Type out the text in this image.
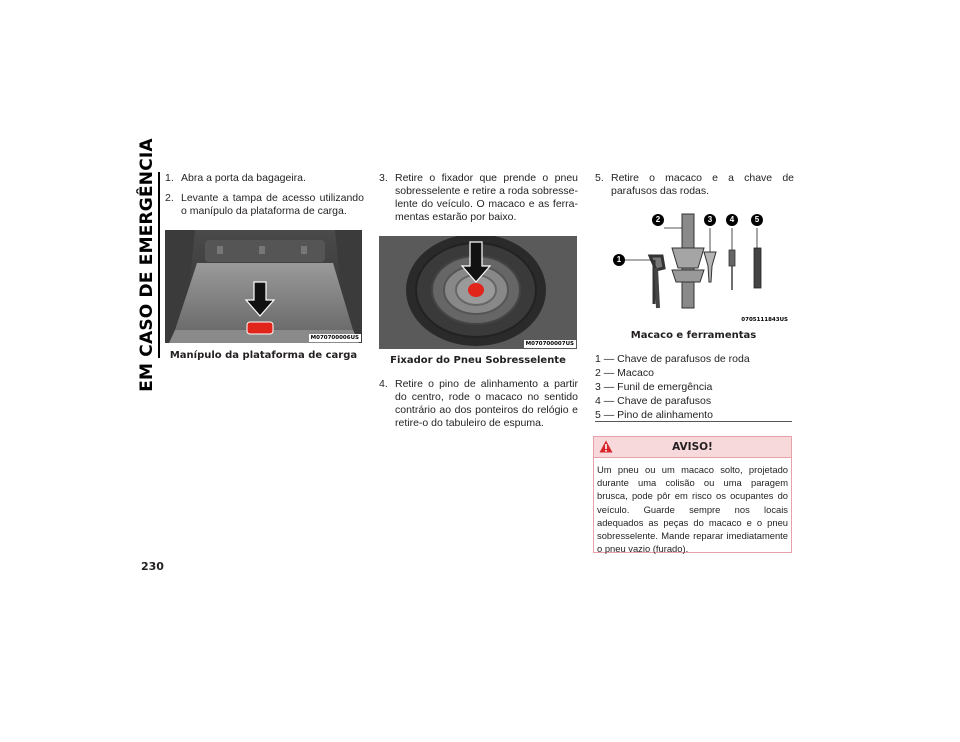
EM CASO DE EMERGÊNCIA
230
1. Abra a porta da bagageira.
2. Levante a tampa de acesso utilizando o manípulo da plataforma de carga.
M070700006US
Manípulo da plataforma de carga
3. Retire o fixador que prende o pneu sobresselente e retire a roda sobresselente do veículo. O macaco e as ferramentas estarão por baixo.
M070700007US
Fixador do Pneu Sobresselente
4. Retire o pino de alinhamento a partir do centro, rode o macaco no sentido contrário ao dos ponteiros do relógio e retire-o do tabuleiro de espuma.
5. Retire o macaco e a chave de parafusos das rodas.
1
2	3	4	5
0705111843US
Macaco e ferramentas
1 — Chave de parafusos de roda
2 — Macaco
3 — Funil de emergência
4 — Chave de parafusos
5 — Pino de alinhamento
AVISO!
Um pneu ou um macaco solto, projetado durante uma colisão ou uma paragem brusca, pode pôr em risco os ocupantes do veículo. Guarde sempre nos locais adequados as peças do macaco e o pneu sobresselente. Mande reparar imediatamente o pneu vazio (furado).
